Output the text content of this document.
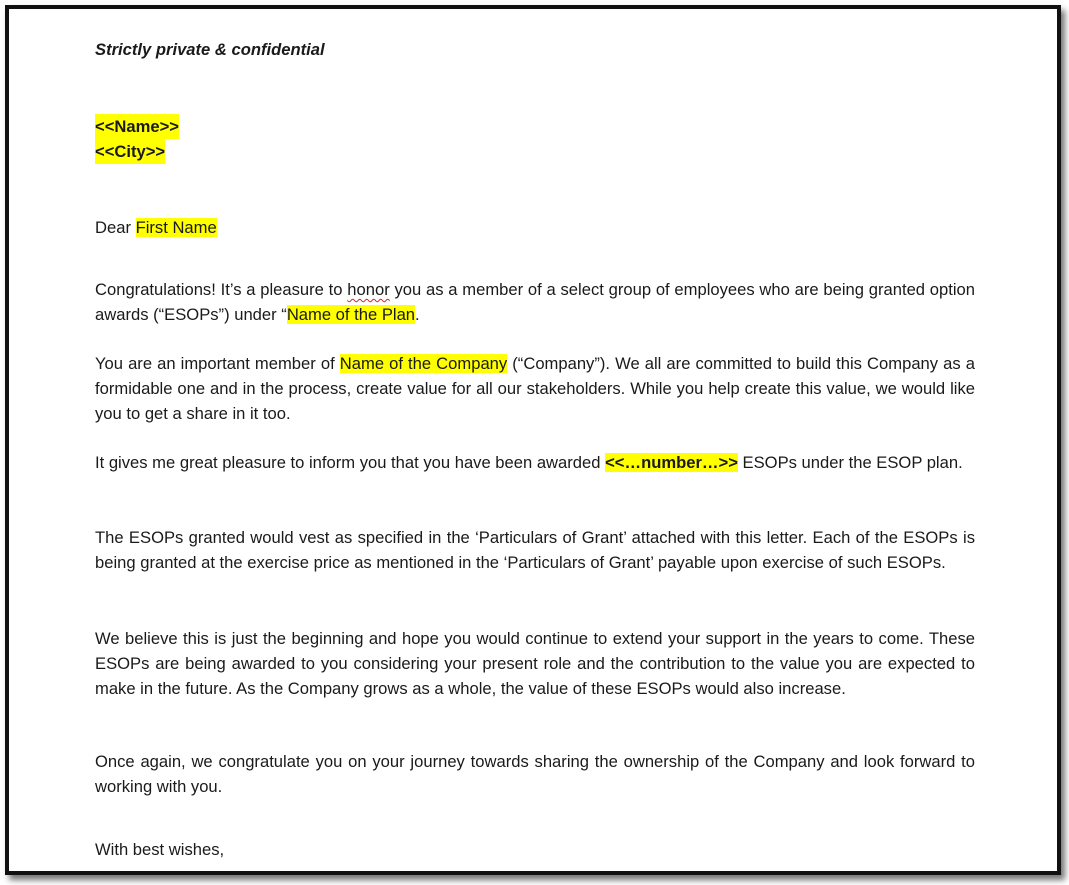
Strictly private & confidential
<<Name>>
<<City>>

Dear First Name

Congratulations! It’s a pleasure to honor you as a member of a select group of employees who are being granted option awards (“ESOPs”) under “Name of the Plan.

You are an important member of Name of the Company (“Company”). We all are committed to build this Company as a formidable one and in the process, create value for all our stakeholders. While you help create this value, we would like you to get a share in it too.

It gives me great pleasure to inform you that you have been awarded <<…number…>> ESOPs under the ESOP plan.

The ESOPs granted would vest as specified in the ‘Particulars of Grant’ attached with this letter. Each of the ESOPs is being granted at the exercise price as mentioned in the ‘Particulars of Grant’ payable upon exercise of such ESOPs.

We believe this is just the beginning and hope you would continue to extend your support in the years to come. These ESOPs are being awarded to you considering your present role and the contribution to the value you are expected to make in the future. As the Company grows as a whole, the value of these ESOPs would also increase.

Once again, we congratulate you on your journey towards sharing the ownership of the Company and look forward to working with you.

With best wishes,
